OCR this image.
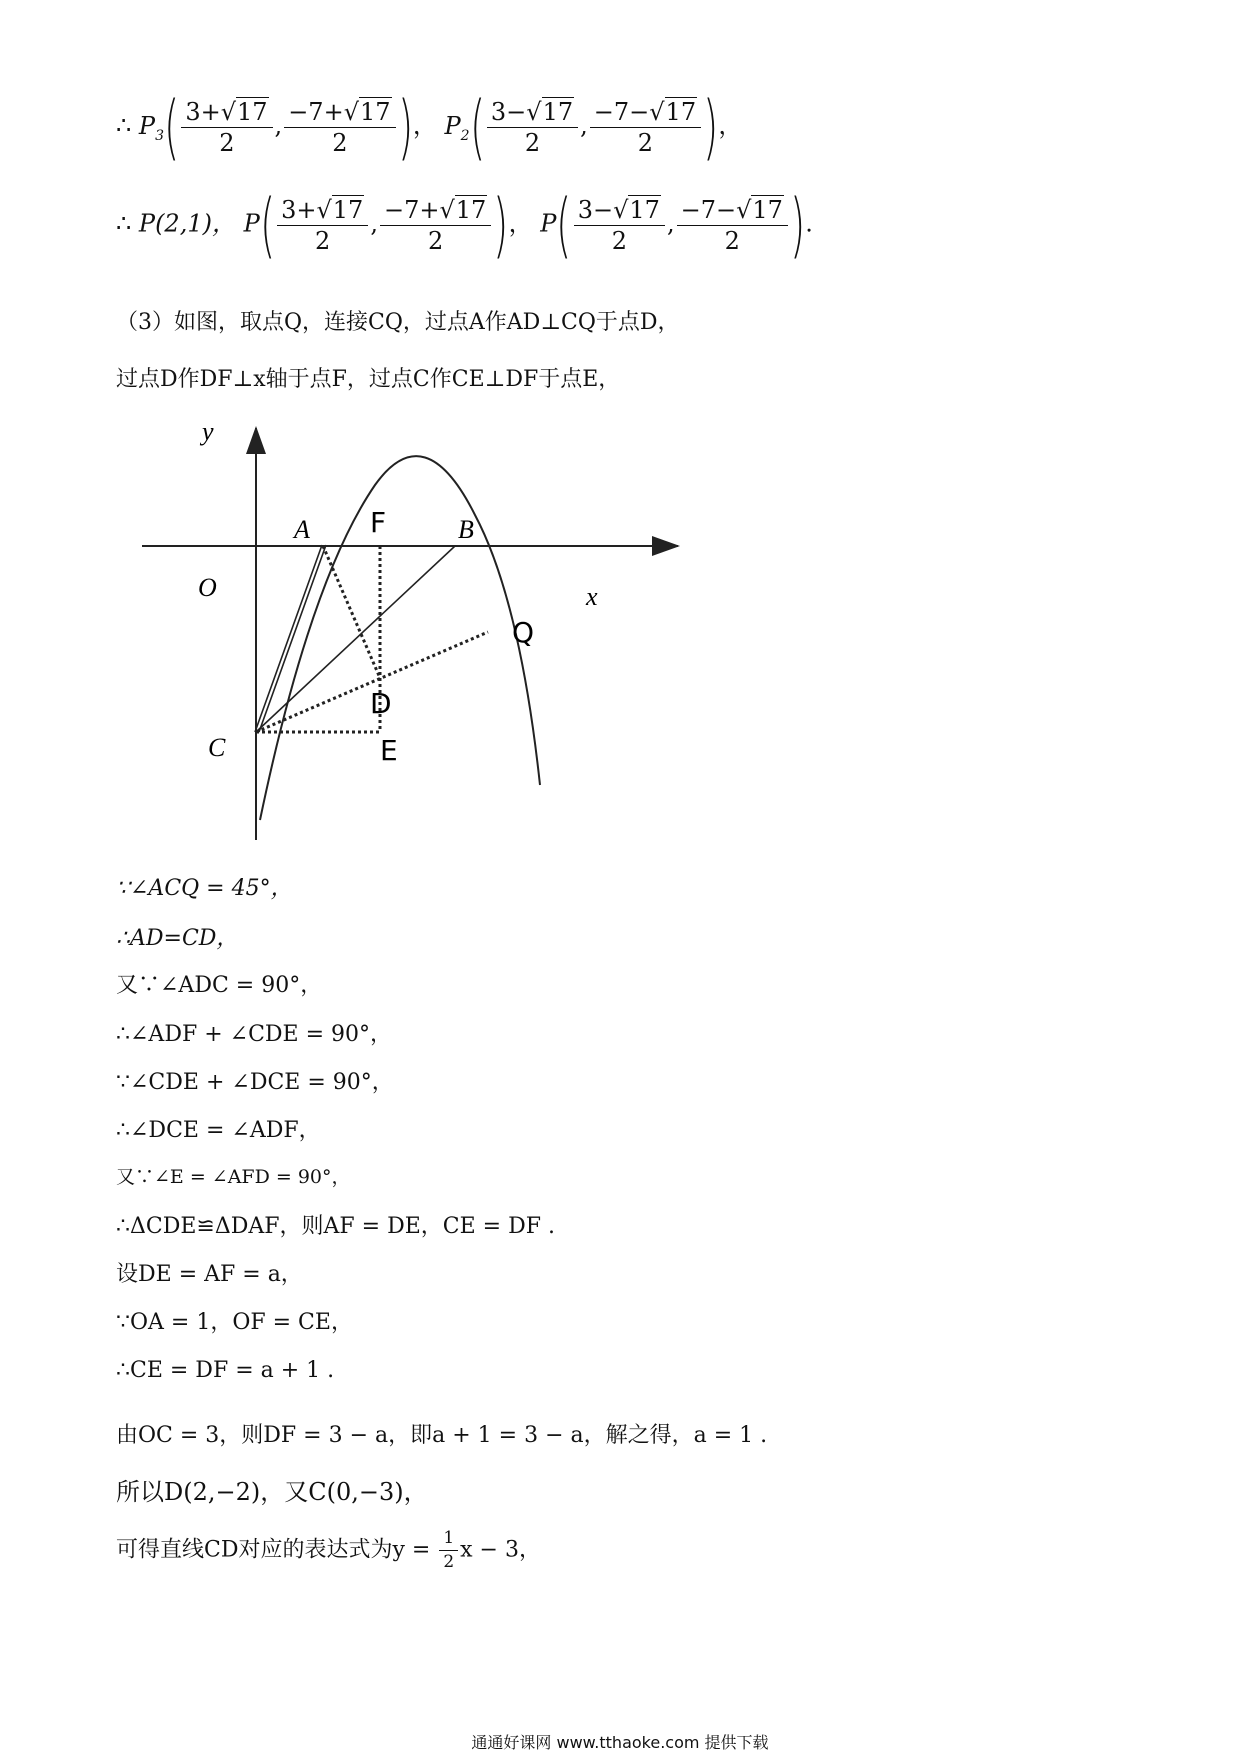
∴ $P_3( \frac{3+√17}{2}$ , $\frac{-7+√17}{2}$ )， $P_2( \frac{3-√17}{2}$ , $\frac{-7-√17}{2}$ )，
∴ P(2,1)， $P( \frac{3+√17}{2}$ , $\frac{-7+√17}{2}$ )， $P( \frac{3-√17}{2}$ , $\frac{-7-√17}{2}$ ).
（3）如图，取点Q，连接CQ，过点A作AD⊥CQ于点D，
过点D作DF⊥x轴于点F，过点C作CE⊥DF于点E，
y
x
O
A	B
C
F
Q
D
E
∵∠ACQ = 45°，
∴AD=CD，
又∵∠ADC = 90°，
∴∠ADF + ∠CDE = 90°，
∵∠CDE + ∠DCE = 90°，
∴∠DCE = ∠ADF，
又∵∠E = ∠AFD = 90°，
∴ΔCDE≌ΔDAF，则AF = DE，CE = DF .
设DE = AF = a，
∵OA = 1，OF = CE，
∴CE = DF = a + 1 .
由OC = 3，则DF = 3 − a，即a + 1 = 3 − a，解之得，a = 1 .
所以D(2,−2)，又C(0,−3)，
可得直线CD对应的表达式为$y = \frac{1}{2}$ x − 3，
通通好课网 www.tthaoke.com 提供下载
